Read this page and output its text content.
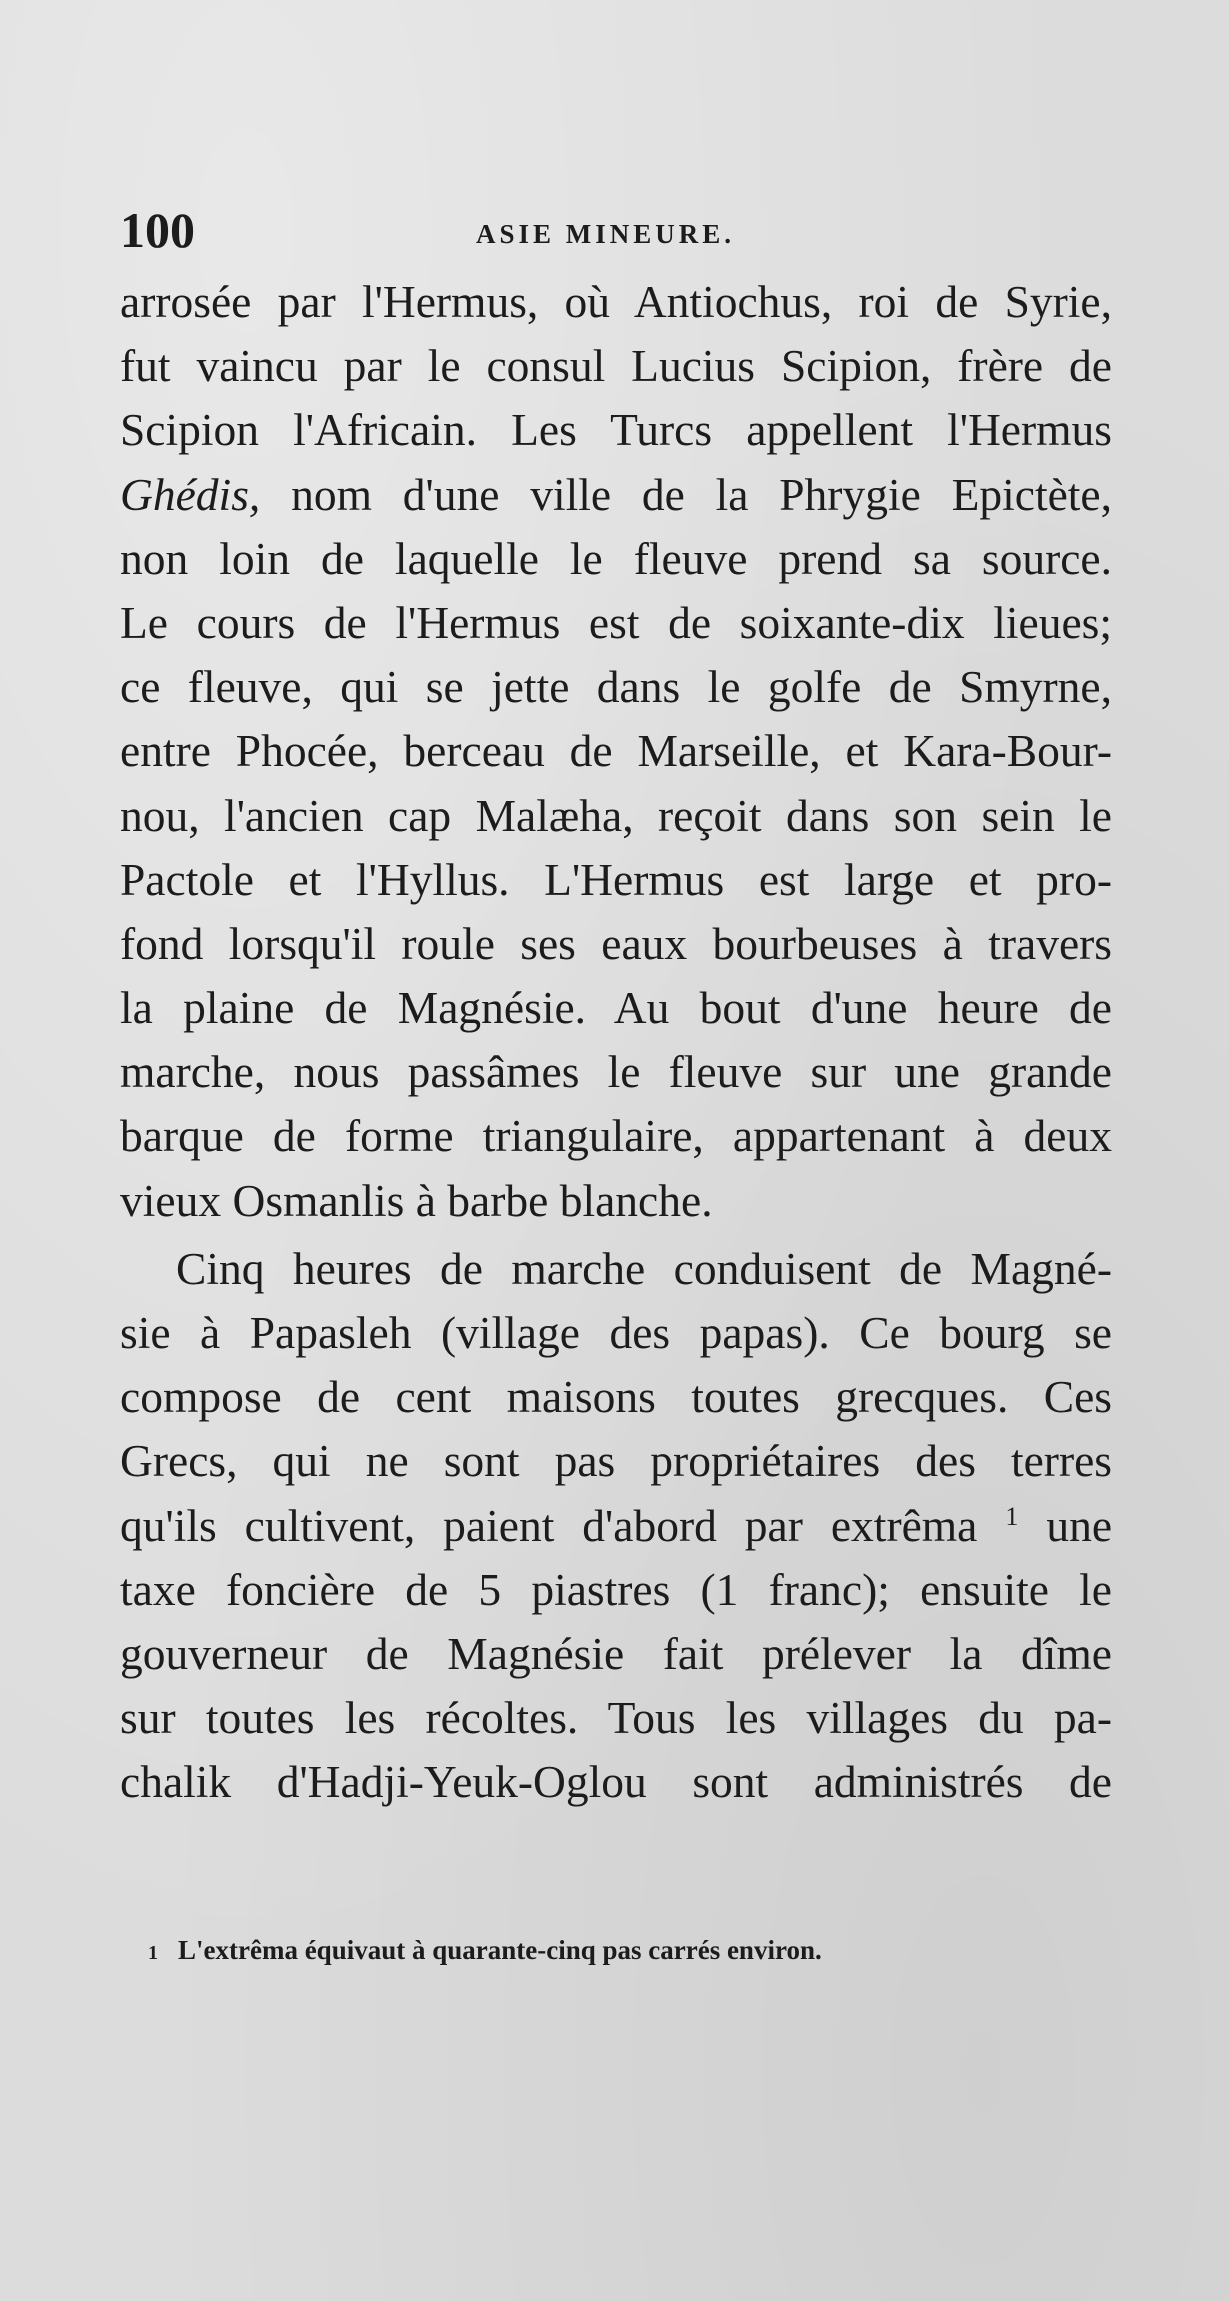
100	ASIE MINEURE.
arrosée par l'Hermus, où Antiochus, roi de Syrie,
fut vaincu par le consul Lucius Scipion, frère de
Scipion l'Africain. Les Turcs appellent l'Hermus
Ghédis, nom d'une ville de la Phrygie Epictète,
non loin de laquelle le fleuve prend sa source.
Le cours de l'Hermus est de soixante-dix lieues;
ce fleuve, qui se jette dans le golfe de Smyrne,
entre Phocée, berceau de Marseille, et Kara-Bour-
nou, l'ancien cap Malæha, reçoit dans son sein le
Pactole et l'Hyllus. L'Hermus est large et pro-
fond lorsqu'il roule ses eaux bourbeuses à travers
la plaine de Magnésie. Au bout d'une heure de
marche, nous passâmes le fleuve sur une grande
barque de forme triangulaire, appartenant à deux
vieux Osmanlis à barbe blanche.
Cinq heures de marche conduisent de Magné-
sie à Papasleh (village des papas). Ce bourg se
compose de cent maisons toutes grecques. Ces
Grecs, qui ne sont pas propriétaires des terres
qu'ils cultivent, paient d'abord par extrêma $^1$ une
taxe foncière de 5 piastres (1 franc); ensuite le
gouverneur de Magnésie fait prélever la dîme
sur toutes les récoltes. Tous les villages du pa-
chalik d'Hadji-Yeuk-Oglou sont administrés de
1 L'extrêma équivaut à quarante-cinq pas carrés environ.
